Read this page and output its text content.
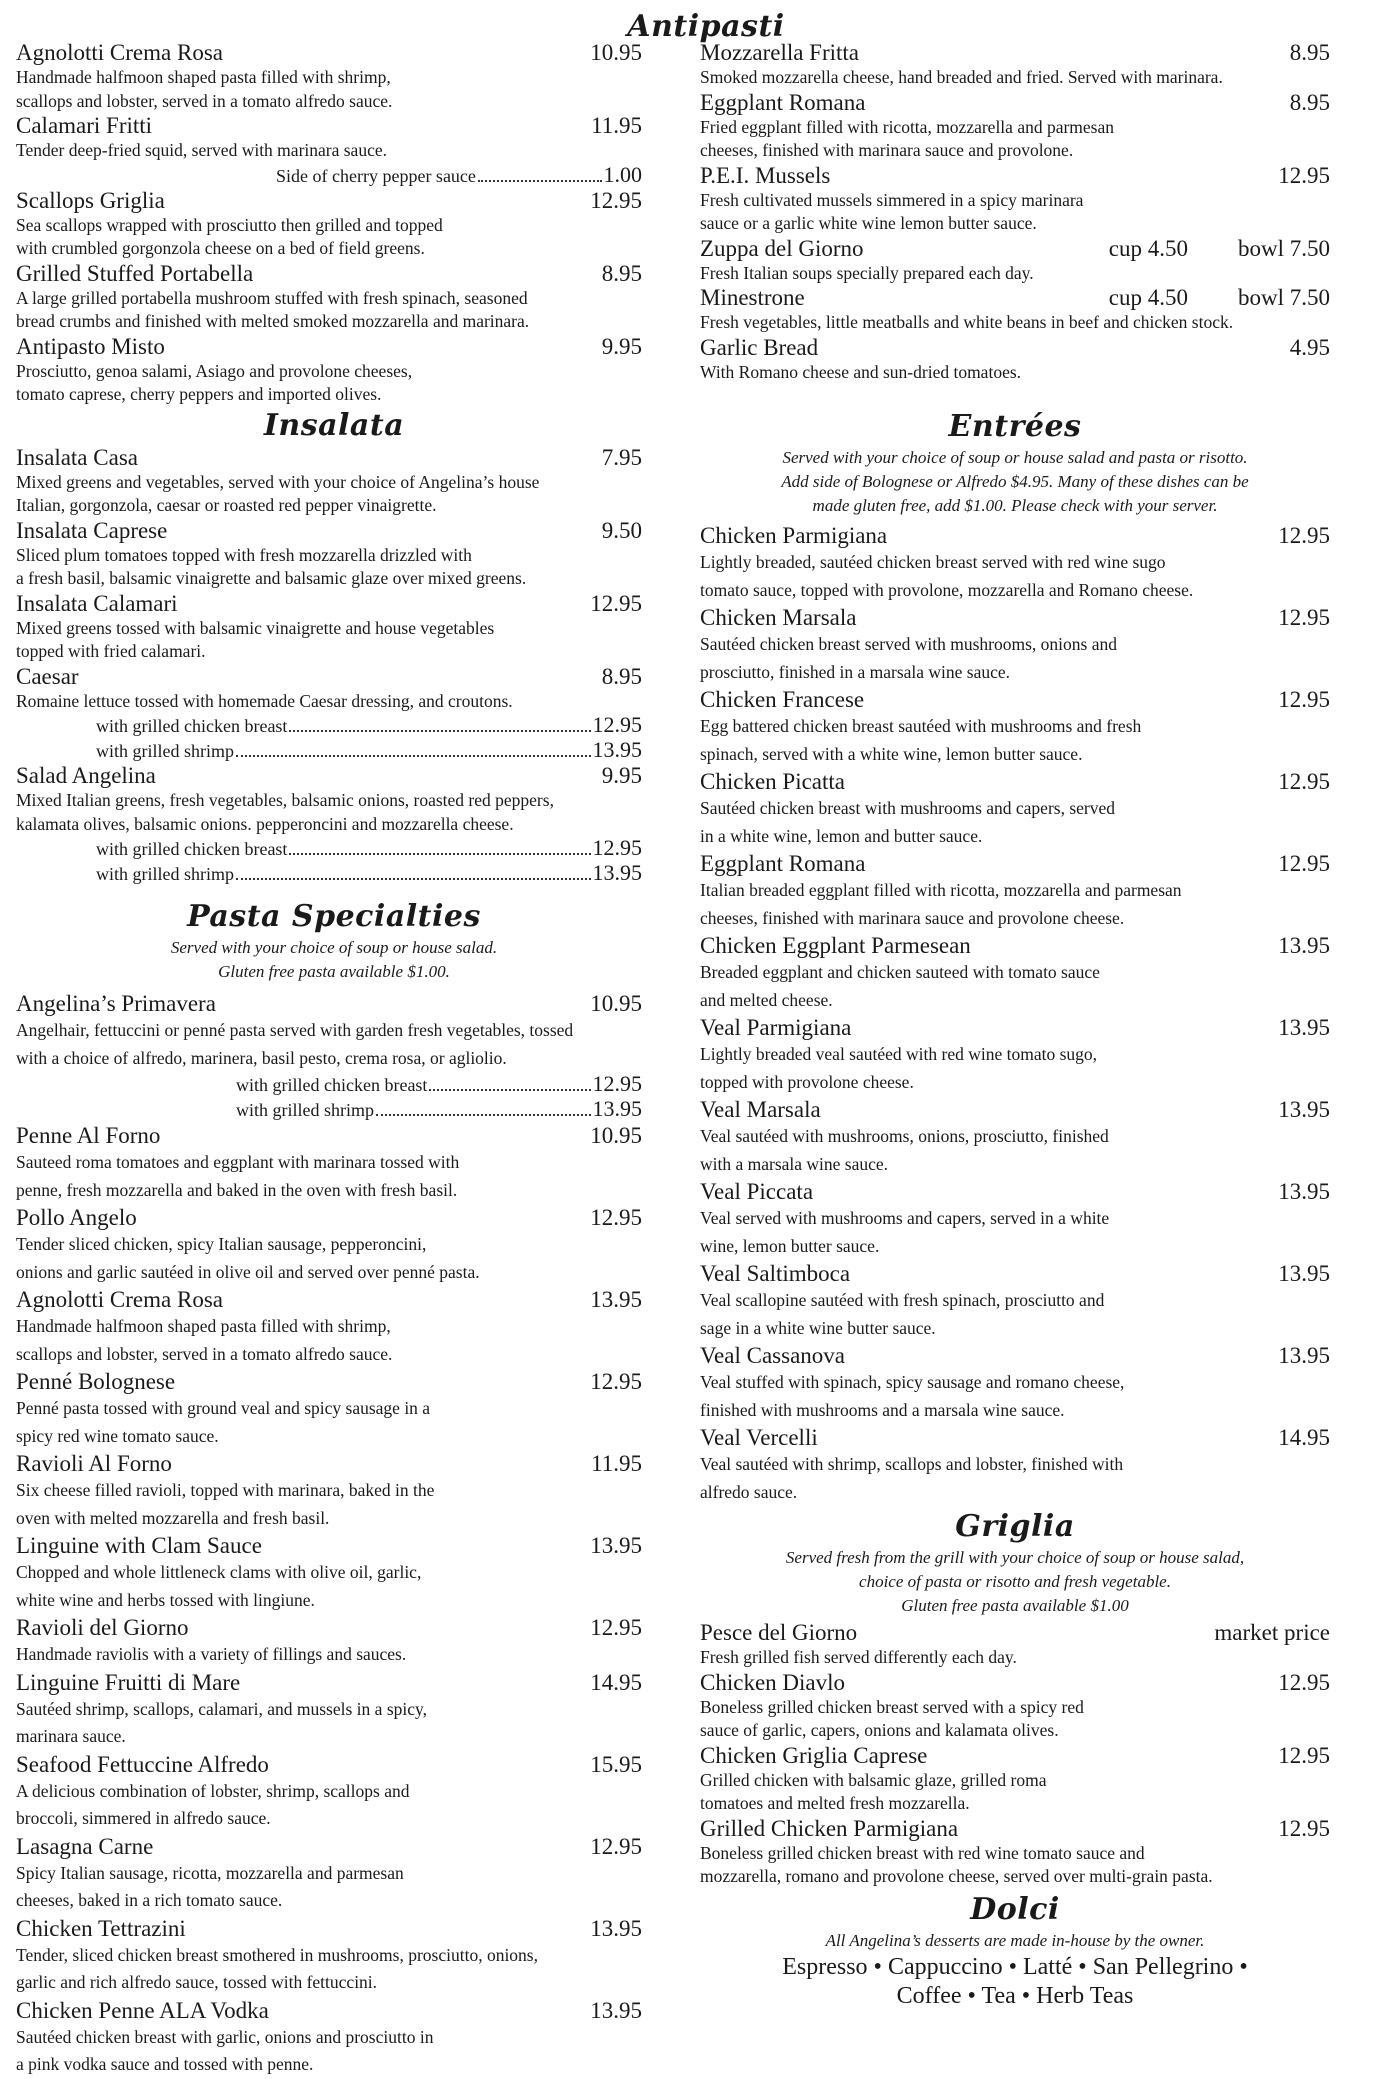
Antipasti
Agnolotti Crema Rosa	10.95
Handmade halfmoon shaped pasta filled with shrimp,
scallops and lobster, served in a tomato alfredo sauce.
Calamari Fritti	11.95
Tender deep-fried squid, served with marinara sauce.
Side of cherry pepper sauce	1.00
Scallops Griglia	12.95
Sea scallops wrapped with prosciutto then grilled and topped
with crumbled gorgonzola cheese on a bed of field greens.
Grilled Stuffed Portabella	8.95
A large grilled portabella mushroom stuffed with fresh spinach, seasoned
bread crumbs and finished with melted smoked mozzarella and marinara.
Antipasto Misto	9.95
Prosciutto, genoa salami, Asiago and provolone cheeses,
tomato caprese, cherry peppers and imported olives.
Insalata
Insalata Casa	7.95
Mixed greens and vegetables, served with your choice of Angelina’s house
Italian, gorgonzola, caesar or roasted red pepper vinaigrette.
Insalata Caprese	9.50
Sliced plum tomatoes topped with fresh mozzarella drizzled with
a fresh basil, balsamic vinaigrette and balsamic glaze over mixed greens.
Insalata Calamari	12.95
Mixed greens tossed with balsamic vinaigrette and house vegetables
topped with fried calamari.
Caesar	8.95
Romaine lettuce tossed with homemade Caesar dressing, and croutons.
with grilled chicken breast	12.95
with grilled shrimp	13.95
Salad Angelina	9.95
Mixed Italian greens, fresh vegetables, balsamic onions, roasted red peppers,
kalamata olives, balsamic onions. pepperoncini and mozzarella cheese.
with grilled chicken breast	12.95
with grilled shrimp	13.95
Pasta Specialties
Served with your choice of soup or house salad.
Gluten free pasta available $1.00.
Angelina’s Primavera	10.95
Angelhair, fettuccini or penné pasta served with garden fresh vegetables, tossed
with a choice of alfredo, marinera, basil pesto, crema rosa, or agliolio.
with grilled chicken breast	12.95
with grilled shrimp	13.95
Penne Al Forno	10.95
Sauteed roma tomatoes and eggplant with marinara tossed with
penne, fresh mozzarella and baked in the oven with fresh basil.
Pollo Angelo	12.95
Tender sliced chicken, spicy Italian sausage, pepperoncini,
onions and garlic sautéed in olive oil and served over penné pasta.
Agnolotti Crema Rosa	13.95
Handmade halfmoon shaped pasta filled with shrimp,
scallops and lobster, served in a tomato alfredo sauce.
Penné Bolognese	12.95
Penné pasta tossed with ground veal and spicy sausage in a
spicy red wine tomato sauce.
Ravioli Al Forno	11.95
Six cheese filled ravioli, topped with marinara, baked in the
oven with melted mozzarella and fresh basil.
Linguine with Clam Sauce	13.95
Chopped and whole littleneck clams with olive oil, garlic,
white wine and herbs tossed with lingiune.
Ravioli del Giorno	12.95
Handmade raviolis with a variety of fillings and sauces.
Linguine Fruitti di Mare	14.95
Sautéed shrimp, scallops, calamari, and mussels in a spicy,
marinara sauce.
Seafood Fettuccine Alfredo	15.95
A delicious combination of lobster, shrimp, scallops and
broccoli, simmered in alfredo sauce.
Lasagna Carne	12.95
Spicy Italian sausage, ricotta, mozzarella and parmesan
cheeses, baked in a rich tomato sauce.
Chicken Tettrazini	13.95
Tender, sliced chicken breast smothered in mushrooms, prosciutto, onions,
garlic and rich alfredo sauce, tossed with fettuccini.
Chicken Penne ALA Vodka	13.95
Sautéed chicken breast with garlic, onions and prosciutto in
a pink vodka sauce and tossed with penne.
Mozzarella Fritta	8.95
Smoked mozzarella cheese, hand breaded and fried. Served with marinara.
Eggplant Romana	8.95
Fried eggplant filled with ricotta, mozzarella and parmesan
cheeses, finished with marinara sauce and provolone.
P.E.I. Mussels	12.95
Fresh cultivated mussels simmered in a spicy marinara
sauce or a garlic white wine lemon butter sauce.
Zuppa del Giorno	cup 4.50 bowl 7.50
Fresh Italian soups specially prepared each day.
Minestrone	cup 4.50 bowl 7.50
Fresh vegetables, little meatballs and white beans in beef and chicken stock.
Garlic Bread	4.95
With Romano cheese and sun-dried tomatoes.
Entrées
Served with your choice of soup or house salad and pasta or risotto.
Add side of Bolognese or Alfredo $4.95. Many of these dishes can be
made gluten free, add $1.00. Please check with your server.
Chicken Parmigiana	12.95
Lightly breaded, sautéed chicken breast served with red wine sugo
tomato sauce, topped with provolone, mozzarella and Romano cheese.
Chicken Marsala	12.95
Sautéed chicken breast served with mushrooms, onions and
prosciutto, finished in a marsala wine sauce.
Chicken Francese	12.95
Egg battered chicken breast sautéed with mushrooms and fresh
spinach, served with a white wine, lemon butter sauce.
Chicken Picatta	12.95
Sautéed chicken breast with mushrooms and capers, served
in a white wine, lemon and butter sauce.
Eggplant Romana	12.95
Italian breaded eggplant filled with ricotta, mozzarella and parmesan
cheeses, finished with marinara sauce and provolone cheese.
Chicken Eggplant Parmesean	13.95
Breaded eggplant and chicken sauteed with tomato sauce
and melted cheese.
Veal Parmigiana	13.95
Lightly breaded veal sautéed with red wine tomato sugo,
topped with provolone cheese.
Veal Marsala	13.95
Veal sautéed with mushrooms, onions, prosciutto, finished
with a marsala wine sauce.
Veal Piccata	13.95
Veal served with mushrooms and capers, served in a white
wine, lemon butter sauce.
Veal Saltimboca	13.95
Veal scallopine sautéed with fresh spinach, prosciutto and
sage in a white wine butter sauce.
Veal Cassanova	13.95
Veal stuffed with spinach, spicy sausage and romano cheese,
finished with mushrooms and a marsala wine sauce.
Veal Vercelli	14.95
Veal sautéed with shrimp, scallops and lobster, finished with
alfredo sauce.
Griglia
Served fresh from the grill with your choice of soup or house salad,
choice of pasta or risotto and fresh vegetable.
Gluten free pasta available $1.00
Pesce del Giorno	market price
Fresh grilled fish served differently each day.
Chicken Diavlo	12.95
Boneless grilled chicken breast served with a spicy red
sauce of garlic, capers, onions and kalamata olives.
Chicken Griglia Caprese	12.95
Grilled chicken with balsamic glaze, grilled roma
tomatoes and melted fresh mozzarella.
Grilled Chicken Parmigiana	12.95
Boneless grilled chicken breast with red wine tomato sauce and
mozzarella, romano and provolone cheese, served over multi-grain pasta.
Dolci
All Angelina’s desserts are made in-house by the owner.
Espresso • Cappuccino • Latté • San Pellegrino •
Coffee • Tea • Herb Teas
